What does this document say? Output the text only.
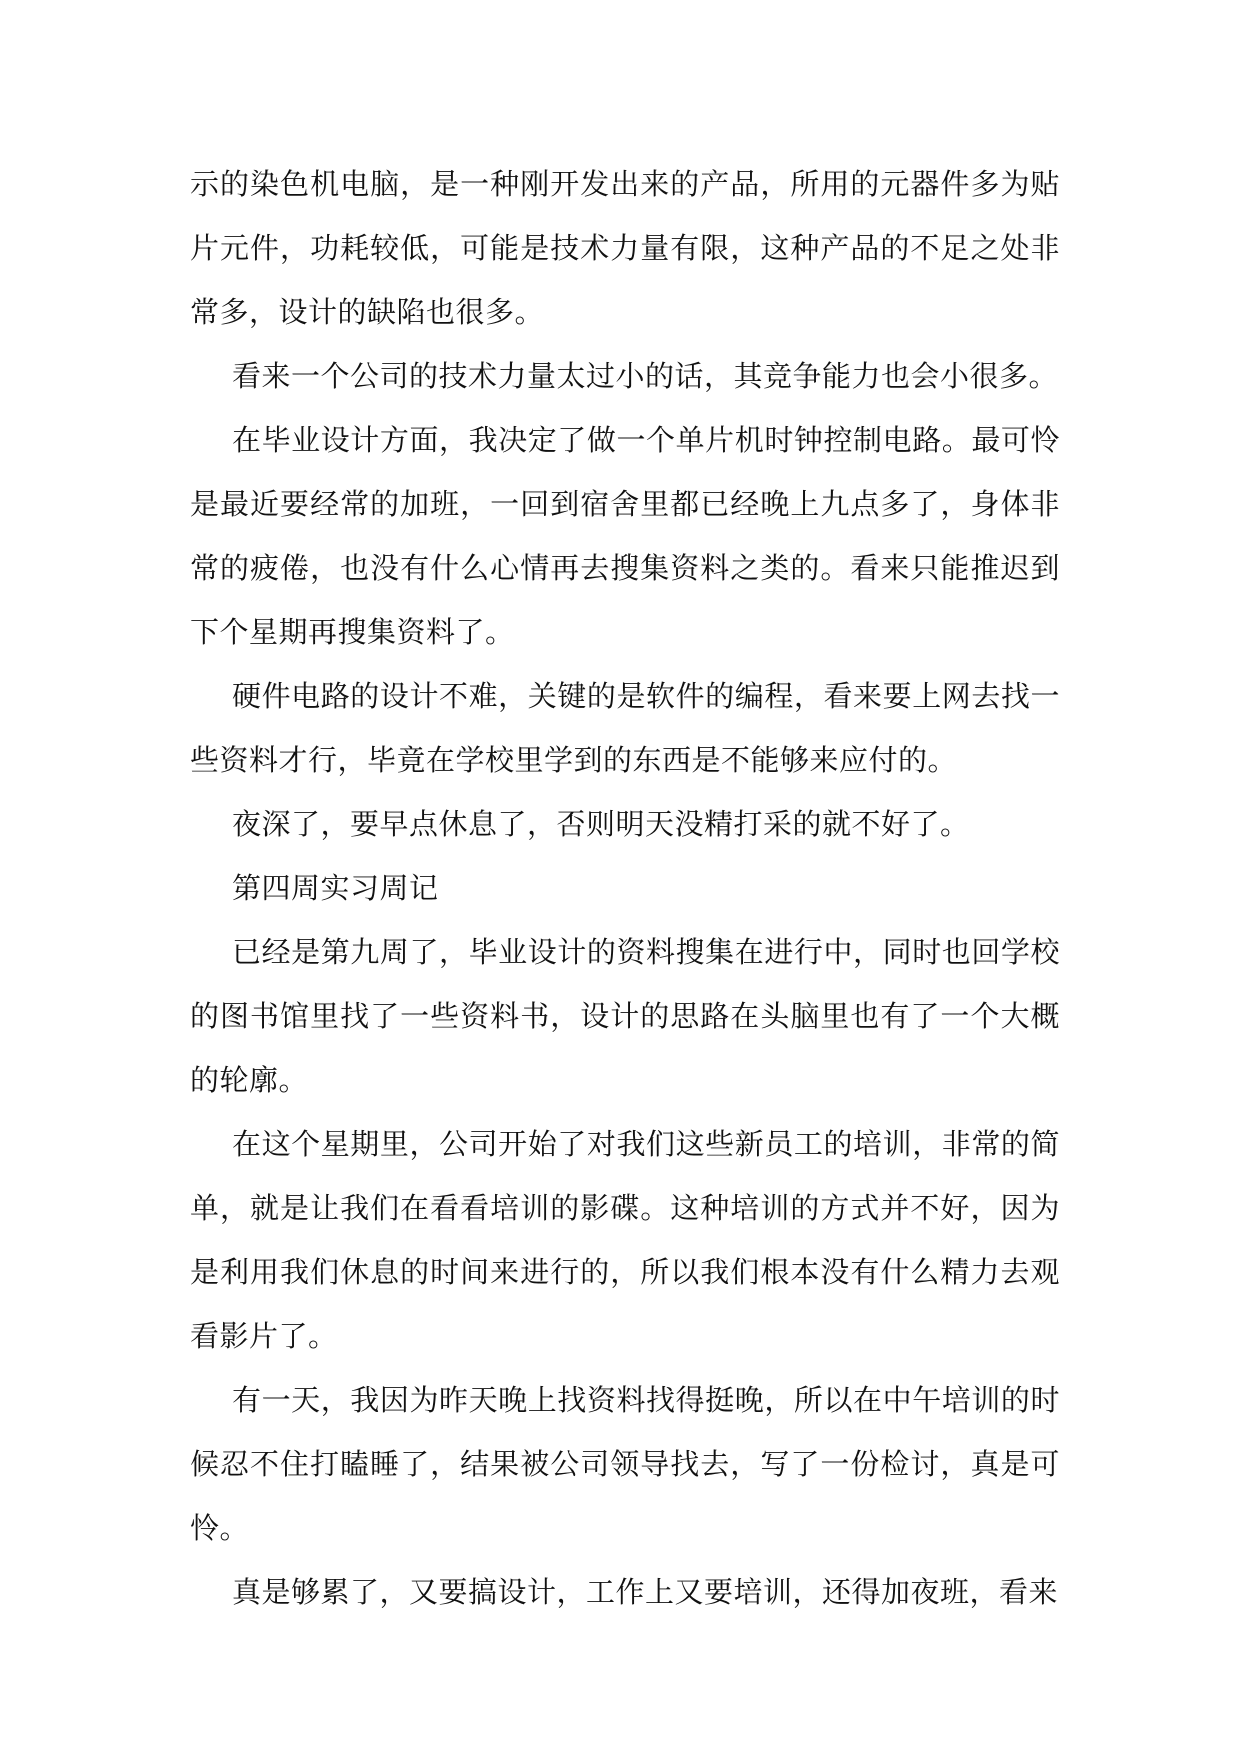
示的染色机电脑，是一种刚开发出来的产品，所用的元器件多为贴片元件，功耗较低，可能是技术力量有限，这种产品的不足之处非常多，设计的缺陷也很多。

看来一个公司的技术力量太过小的话，其竞争能力也会小很多。

在毕业设计方面，我决定了做一个单片机时钟控制电路。最可怜是最近要经常的加班，一回到宿舍里都已经晚上九点多了，身体非常的疲倦，也没有什么心情再去搜集资料之类的。看来只能推迟到下个星期再搜集资料了。

硬件电路的设计不难，关键的是软件的编程，看来要上网去找一些资料才行，毕竟在学校里学到的东西是不能够来应付的。

夜深了，要早点休息了，否则明天没精打采的就不好了。

第四周实习周记

已经是第九周了，毕业设计的资料搜集在进行中，同时也回学校的图书馆里找了一些资料书，设计的思路在头脑里也有了一个大概的轮廓。

在这个星期里，公司开始了对我们这些新员工的培训，非常的简单，就是让我们在看看培训的影碟。这种培训的方式并不好，因为是利用我们休息的时间来进行的，所以我们根本没有什么精力去观看影片了。

有一天，我因为昨天晚上找资料找得挺晚，所以在中午培训的时候忍不住打瞌睡了，结果被公司领导找去，写了一份检讨，真是可怜。

真是够累了，又要搞设计，工作上又要培训，还得加夜班，看来
